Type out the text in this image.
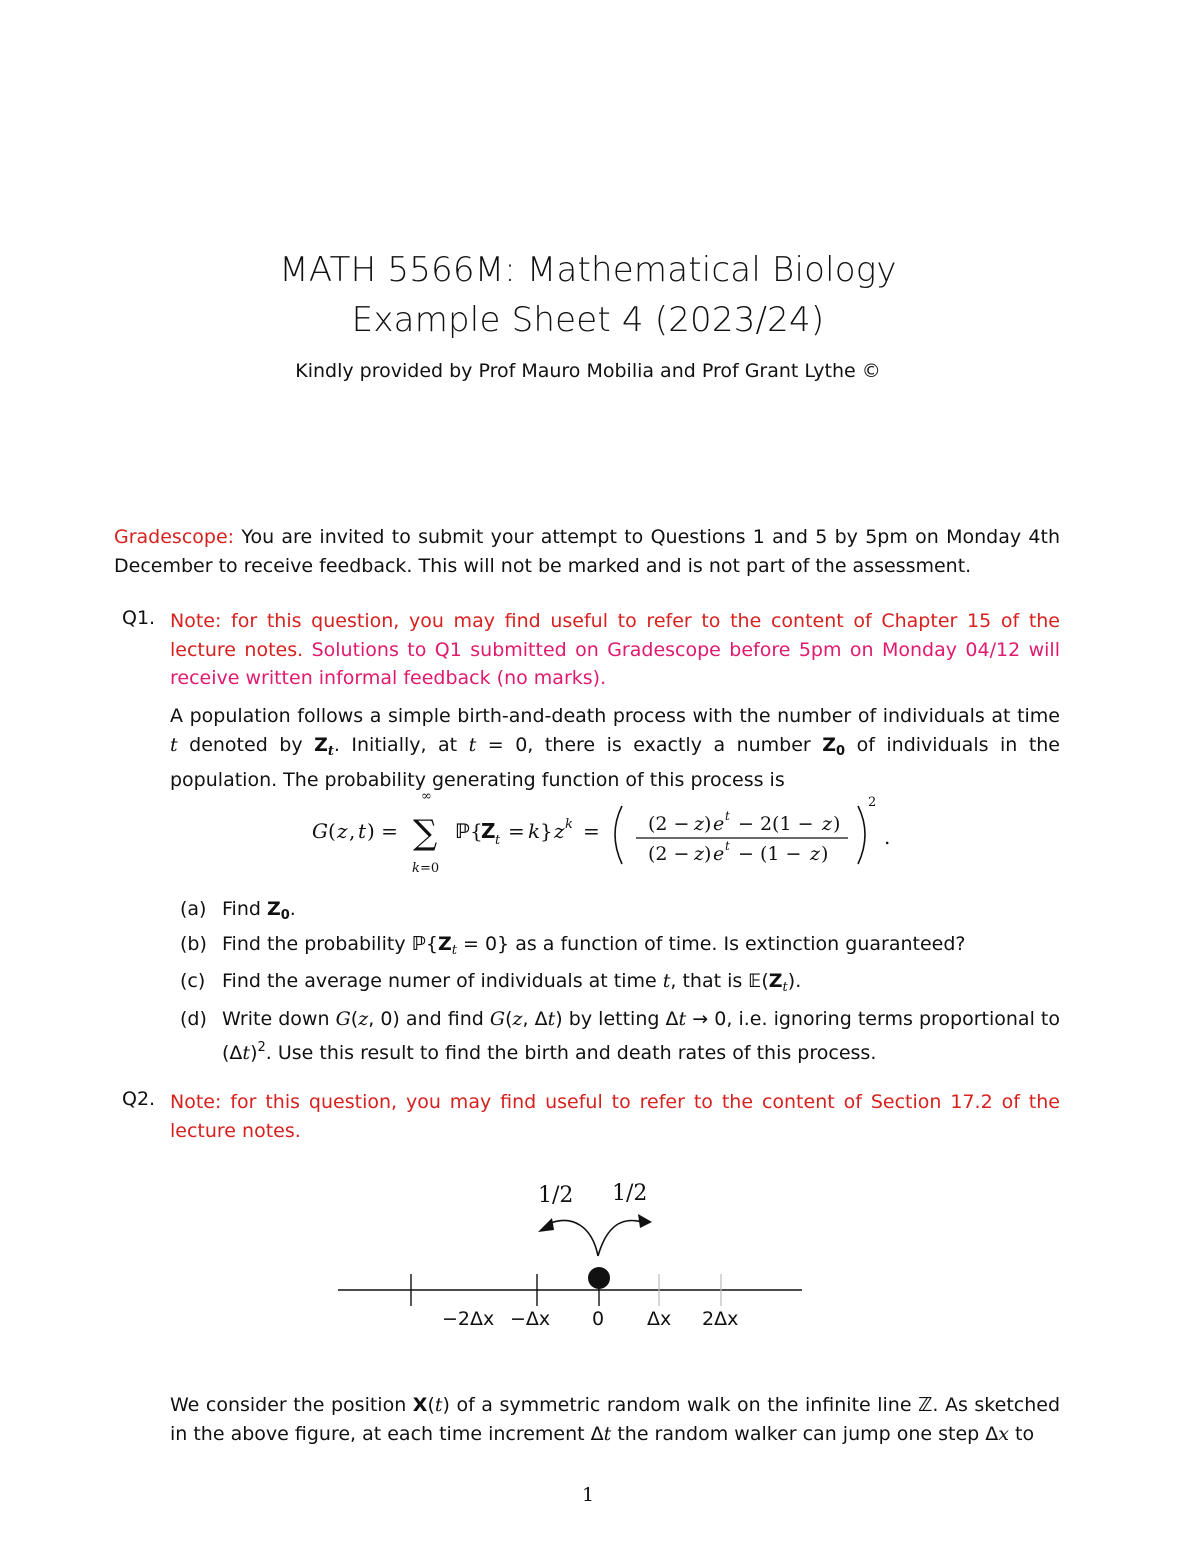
MATH 5566M: Mathematical Biology
Example Sheet 4 (2023/24)
Kindly provided by Prof Mauro Mobilia and Prof Grant Lythe ©
Gradescope: You are invited to submit your attempt to Questions 1 and 5 by 5pm on Monday 4th December to receive feedback. This will not be marked and is not part of the assessment.
Q1. Note: for this question, you may find useful to refer to the content of Chapter 15 of the lecture notes. Solutions to Q1 submitted on Gradescope before 5pm on Monday 04/12 will receive written informal feedback (no marks).
A population follows a simple birth-and-death process with the number of individuals at time t denoted by $Z_t$. Initially, at t = 0, there is exactly a number $Z_0$ of individuals in the population. The probability generating function of this process is
G ( z , t ) =
∞
∑
k =0
ℙ {
Z t = k } z k =	(2 − z ) e t − 2(1 − z )
(2 − z ) e t − (1 − z )
2
.
(a) Find $Z_0$.
(b) Find the probability $ℙ\{Z_t = 0\}$ as a function of time. Is extinction guaranteed?
(c) Find the average numer of individuals at time t, that is $𝔼(Z_t)$.
(d) Write down G(z, 0) and find G(z, Δt) by letting Δt → 0, i.e. ignoring terms proportional to $(\Delta t)^2$. Use this result to find the birth and death rates of this process.
Q2. Note: for this question, you may find useful to refer to the content of Section 17.2 of the lecture notes.
1/2 1/2
−2Δx −Δx 0 Δx 2Δx
We consider the position X(t) of a symmetric random walk on the infinite line ℤ. As sketched in the above figure, at each time increment Δt the random walker can jump one step Δx to
1
